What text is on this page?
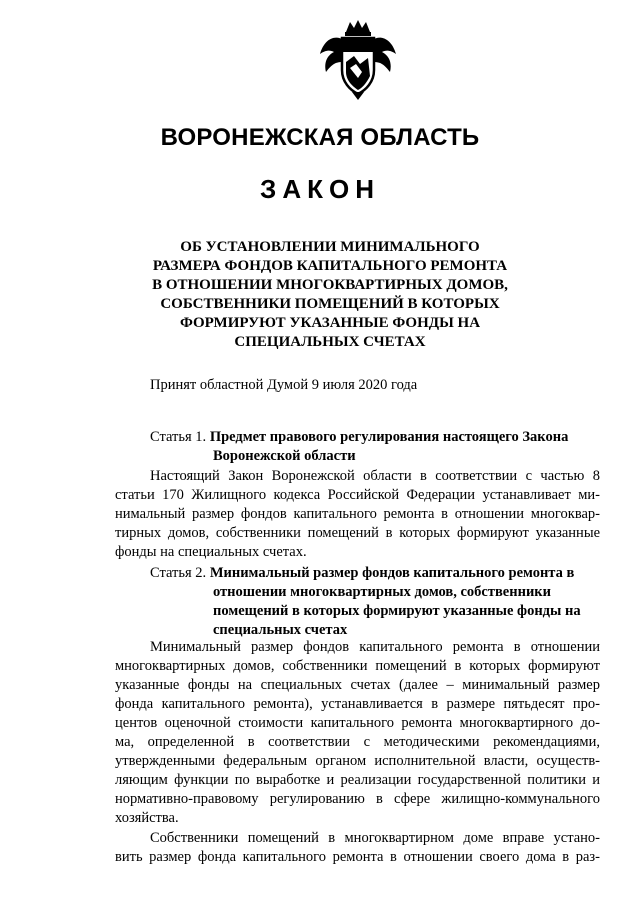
ВОРОНЕЖСКАЯ ОБЛАСТЬ
ЗАКОН
ОБ УСТАНОВЛЕНИИ МИНИМАЛЬНОГО
РАЗМЕРА ФОНДОВ КАПИТАЛЬНОГО РЕМОНТА
В ОТНОШЕНИИ МНОГОКВАРТИРНЫХ ДОМОВ,
СОБСТВЕННИКИ ПОМЕЩЕНИЙ В КОТОРЫХ
ФОРМИРУЮТ УКАЗАННЫЕ ФОНДЫ НА
СПЕЦИАЛЬНЫХ СЧЕТАХ
Принят областной Думой 9 июля 2020 года
Статья 1. Предмет правового регулирования настоящего Закона
Воронежской области
Настоящий Закон Воронежской области в соответствии с частью 8
статьи 170 Жилищного кодекса Российской Федерации устанавливает ми-
нимальный размер фондов капитального ремонта в отношении многоквар-
тирных домов, собственники помещений в которых формируют указанные
фонды на специальных счетах.
Статья 2. Минимальный размер фондов капитального ремонта в
отношении многоквартирных домов, собственники
помещений в которых формируют указанные фонды на
специальных счетах
Минимальный размер фондов капитального ремонта в отношении
многоквартирных домов, собственники помещений в которых формируют
указанные фонды на специальных счетах (далее – минимальный размер
фонда капитального ремонта), устанавливается в размере пятьдесят про-
центов оценочной стоимости капитального ремонта многоквартирного до-
ма, определенной в соответствии с методическими рекомендациями,
утвержденными федеральным органом исполнительной власти, осуществ-
ляющим функции по выработке и реализации государственной политики и
нормативно-правовому регулированию в сфере жилищно-коммунального
хозяйства.
Собственники помещений в многоквартирном доме вправе устано-
вить размер фонда капитального ремонта в отношении своего дома в раз-
